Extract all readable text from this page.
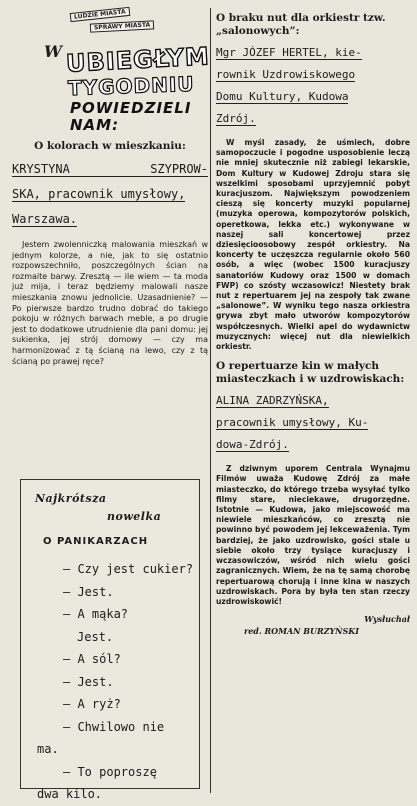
LUDZIE MIASTA
SPRAWY MIASTA
W UBIEGŁYM
TYGODNIU
POWIEDZIELI
NAM:
O kolorach w mieszkaniu:

KRYSTYNA SZYPROW-

SKA, pracownik umysłowy,

Warszawa.

Jestem zwolenniczką malowania mieszkań w jednym kolorze, a nie, jak to się ostatnio rozpowszechniło, poszczególnych ścian na rozmaite barwy. Zresztą — ile wiem — ta moda już mija, i teraz będziemy malowali nasze mieszkania znowu jednolicie. Uzasadnienie? — Po pierwsze bardzo trudno dobrać do takiego pokoju w różnych barwach meble, a po drugie jest to dodatkowe utrudnienie dla pani domu: jej sukienka, jej strój domowy — czy ma harmonizować z tą ścianą na lewo, czy z tą ścianą po prawej ręce?

Najkrótsza
nowelka
O PANIKARZACH
— Czy jest cukier?
— Jest.
— A mąka?
Jest.
— A sól?
— Jest.
— A ryż?
— Chwilowo nie
ma.
— To poproszę
dwa kilo.
O braku nut dla orkiestr tzw. „salonowych”:

Mgr JÓZEF HERTEL, kie-

rownik Uzdrowiskowego

Domu Kultury, Kudowa

Zdrój.

W myśl zasady, że uśmiech, dobre samopoczucie i pogodne usposobienie leczą nie mniej skutecznie niż zabiegi lekarskie, Dom Kultury w Kudowej Zdroju stara się wszelkimi sposobami uprzyjemnić pobyt kuracjuszom. Największym powodzeniem cieszą się koncerty muzyki popularnej (muzyka operowa, kompozytorów polskich, operetkowa, lekka etc.) wykonywane w naszej sali koncertowej przez dziesięcioosobowy zespół orkiestry. Na koncerty te uczęszcza regularnie około 560 osób, a więc (wobec 1500 kuracjuszy sanatoriów Kudowy oraz 1500 w domach FWP) co szósty wczasowicz! Niestety brak nut z repertuarem jej na zespoły tak zwane „salonowe”. W wyniku tego nasza orkiestra grywa zbyt mało utworów kompozytorów współczesnych. Wielki apel do wydawnictw muzycznych: więcej nut dla niewielkich orkiestr.

O repertuarze kin w małych miasteczkach i w uzdrowiskach:

ALINA ZADRZYŃSKA,

pracownik umysłowy, Ku-

dowa-Zdrój.

Z dziwnym uporem Centrala Wynajmu Filmów uważa Kudowę Zdrój za małe miasteczko, do którego trzeba wysyłać tylko filmy stare, nieciekawe, drugorzędne. Istotnie — Kudowa, jako miejscowość ma niewiele mieszkańców, co zresztą nie powinno być powodem jej lekceważenia. Tym bardziej, że jako uzdrowisko, gości stale u siebie około trzy tysiące kuracjuszy i wczasowiczów, wśród nich wielu gości zagranicznych. Wiem, że na tę samą chorobę repertuarową chorują i inne kina w naszych uzdrowiskach. Pora by była ten stan rzeczy uzdrowiskowić!

Wysłuchał

red. ROMAN BURZYŃSKI
